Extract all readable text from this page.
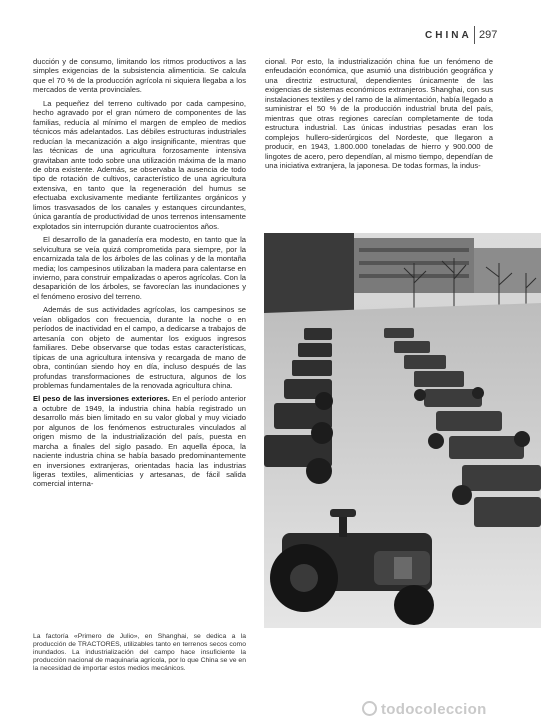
CHINA 297

ducción y de consumo, limitando los ritmos productivos a las simples exigencias de la subsistencia alimenticia. Se calcula que el 70 % de la producción agrícola ni siquiera llegaba a los mercados de venta provinciales.

La pequeñez del terreno cultivado por cada campesino, hecho agravado por el gran número de componentes de las familias, reducía al mínimo el margen de empleo de medios técnicos más adelantados. Las débiles estructuras industriales reducían la mecanización a algo insignificante, mientras que las técnicas de una agricultura forzosamente intensiva gravitaban ante todo sobre una utilización máxima de la mano de obra existente. Además, se observaba la ausencia de todo tipo de rotación de cultivos, característico de una agricultura extensiva, en tanto que la regeneración del humus se efectuaba exclusivamente mediante fertilizantes orgánicos y limos trasvasados de los canales y estanques circundantes, única garantía de productividad de unos terrenos intensamente explotados sin interrupción durante cuatrocientos años.

El desarrollo de la ganadería era modesto, en tanto que la selvicultura se veía quizá comprometida para siempre, por la encarnizada tala de los árboles de las colinas y de la montaña media; los campesinos utilizaban la madera para calentarse en invierno, para construir empalizadas o aperos agrícolas. Con la desaparición de los árboles, se favorecían las inundaciones y el fenómeno erosivo del terreno.

Además de sus actividades agrícolas, los campesinos se veían obligados con frecuencia, durante la noche o en períodos de inactividad en el campo, a dedicarse a trabajos de artesanía con objeto de aumentar los exiguos ingresos familiares. Debe observarse que todas estas características, típicas de una agricultura intensiva y recargada de mano de obra, continúan siendo hoy en día, incluso después de las profundas transformaciones de estructura, algunos de los problemas fundamentales de la renovada agricultura china.

El peso de las inversiones exteriores. En el período anterior a octubre de 1949, la industria china había registrado un desarrollo más bien limitado en su valor global y muy viciado por algunos de los fenómenos estructurales vinculados al origen mismo de la industrialización del país, puesta en marcha a finales del siglo pasado. En aquella época, la naciente industria china se había basado predominantemente en inversiones extranjeras, orientadas hacia las industrias ligeras textiles, alimenticias y artesanas, de fácil salida comercial interna-

cional. Por esto, la industrialización china fue un fenómeno de enfeudación económica, que asumió una distribución geográfica y una directriz estructural, dependientes únicamente de las exigencias de sistemas económicos extranjeros. Shanghai, con sus instalaciones textiles y del ramo de la alimentación, había llegado a suministrar el 50 % de la producción industrial bruta del país, mientras que otras regiones carecían completamente de toda estructura industrial. Las únicas industrias pesadas eran los complejos hullero-siderúrgicos del Nordeste, que llegaron a producir, en 1943, 1.800.000 toneladas de hierro y 900.000 de lingotes de acero, pero dependían, al mismo tiempo, dependían de una iniciativa extranjera, la japonesa. De todas formas, la indus-

La factoría «Primero de Julio», en Shanghai, se dedica a la producción de TRACTORES, utilizables tanto en terrenos secos como inundados. La industrialización del campo hace insuficiente la producción nacional de maquinaria agrícola, por lo que China se ve en la necesidad de importar estos medios mecánicos.
todocoleccion
